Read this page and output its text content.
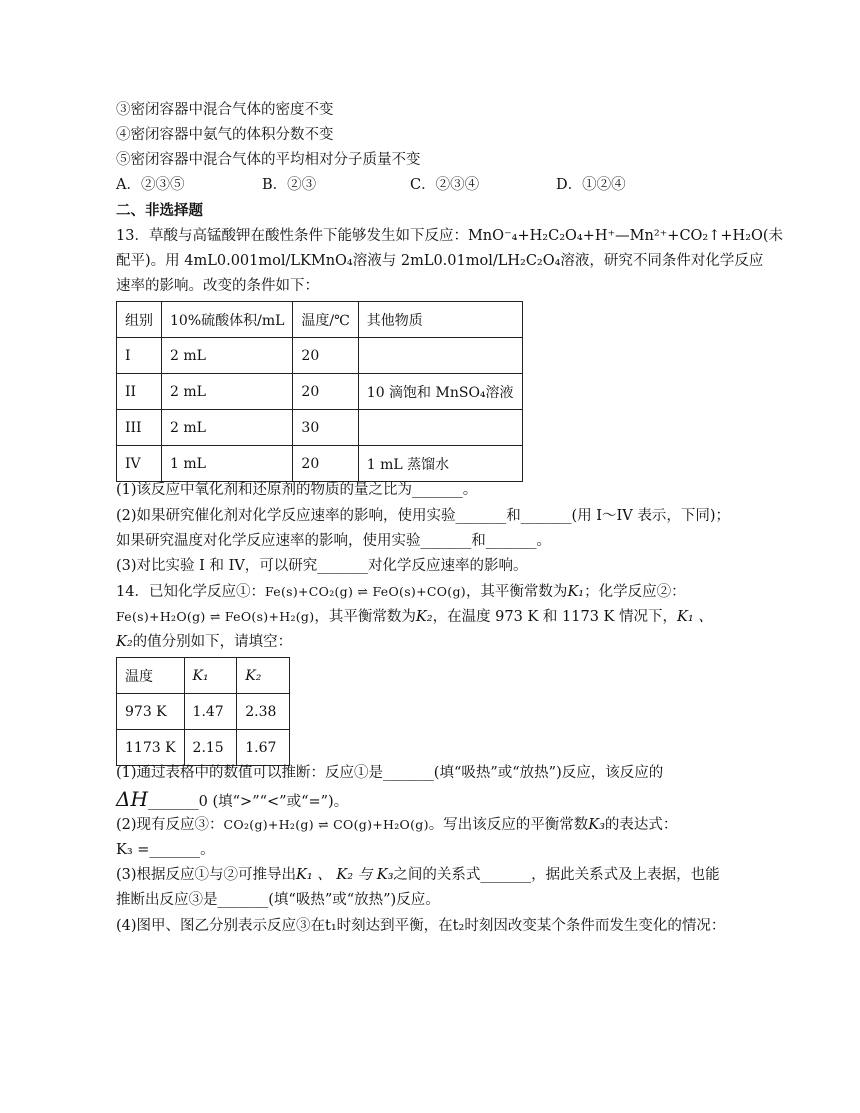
③密闭容器中混合气体的密度不变
④密闭容器中氨气的体积分数不变
⑤密闭容器中混合气体的平均相对分子质量不变
A．②③⑤	B．②③	C．②③④	D．①②④
二、非选择题
13．草酸与高锰酸钾在酸性条件下能够发生如下反应：MnO⁻₄+H₂C₂O₄+H⁺—Mn²⁺+CO₂↑+H₂O(未
配平)。用 4mL0.001mol/LKMnO₄溶液与 2mL0.01mol/LH₂C₂O₄溶液，研究不同条件对化学反应
速率的影响。改变的条件如下：
组别	10%硫酸体积/mL	温度/℃	其他物质
I	2 mL	20	
II	2 mL	20	10 滴饱和 MnSO₄溶液
III	2 mL	30	
IV	1 mL	20	1 mL 蒸馏水
(1)该反应中氧化剂和还原剂的物质的量之比为_______。
(2)如果研究催化剂对化学反应速率的影响，使用实验_______和_______(用 I～IV 表示，下同)；
如果研究温度对化学反应速率的影响，使用实验_______和_______。
(3)对比实验 I 和 IV，可以研究_______对化学反应速率的影响。
14．已知化学反应①：Fe(s)+CO₂(g) ⇌ FeO(s)+CO(g)，其平衡常数为K₁；化学反应②：
Fe(s)+H₂O(g) ⇌ FeO(s)+H₂(g)，其平衡常数为K₂，在温度 973 K 和 1173 K 情况下，K₁ 、
K₂的值分别如下，请填空：
温度	K₁	K₂
973 K	1.47	2.38
1173 K	2.15	1.67
(1)通过表格中的数值可以推断：反应①是_______(填“吸热”或“放热”)反应，该反应的
ΔH_______0 (填“>”“<”或“=”)。
(2)现有反应③：CO₂(g)+H₂(g) ⇌ CO(g)+H₂O(g)。写出该反应的平衡常数K₃的表达式：
K₃ =_______。
(3)根据反应①与②可推导出K₁ 、 K₂ 与 K₃之间的关系式_______，据此关系式及上表据，也能
推断出反应③是_______(填“吸热”或“放热”)反应。
(4)图甲、图乙分别表示反应③在t₁时刻达到平衡，在t₂时刻因改变某个条件而发生变化的情况：
